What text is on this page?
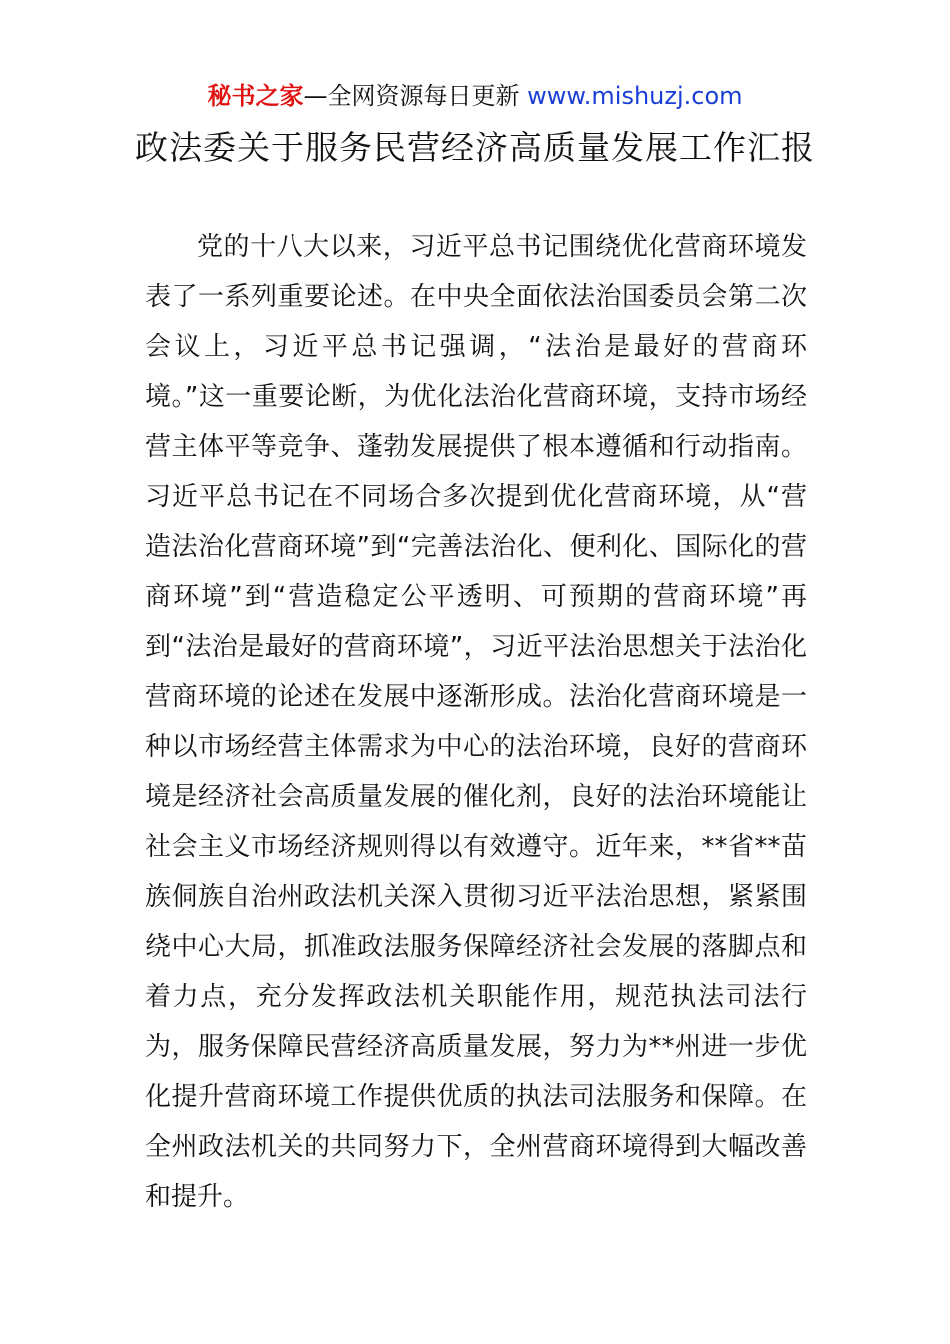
秘书之家—全网资源每日更新 www.mishuzj.com
政法委关于服务民营经济高质量发展工作汇报

党的十八大以来，习近平总书记围绕优化营商环境发表了一系列重要论述。在中央全面依法治国委员会第二次会议上，习近平总书记强调，“法治是最好的营商环境。”这一重要论断，为优化法治化营商环境，支持市场经营主体平等竞争、蓬勃发展提供了根本遵循和行动指南。习近平总书记在不同场合多次提到优化营商环境，从“营造法治化营商环境”到“完善法治化、便利化、国际化的营商环境”到“营造稳定公平透明、可预期的营商环境”再到“法治是最好的营商环境”，习近平法治思想关于法治化营商环境的论述在发展中逐渐形成。法治化营商环境是一种以市场经营主体需求为中心的法治环境，良好的营商环境是经济社会高质量发展的催化剂，良好的法治环境能让社会主义市场经济规则得以有效遵守。近年来，**省**苗族侗族自治州政法机关深入贯彻习近平法治思想，紧紧围绕中心大局，抓准政法服务保障经济社会发展的落脚点和着力点，充分发挥政法机关职能作用，规范执法司法行为，服务保障民营经济高质量发展，努力为**州进一步优化提升营商环境工作提供优质的执法司法服务和保障。在全州政法机关的共同努力下，全州营商环境得到大幅改善和提升。
